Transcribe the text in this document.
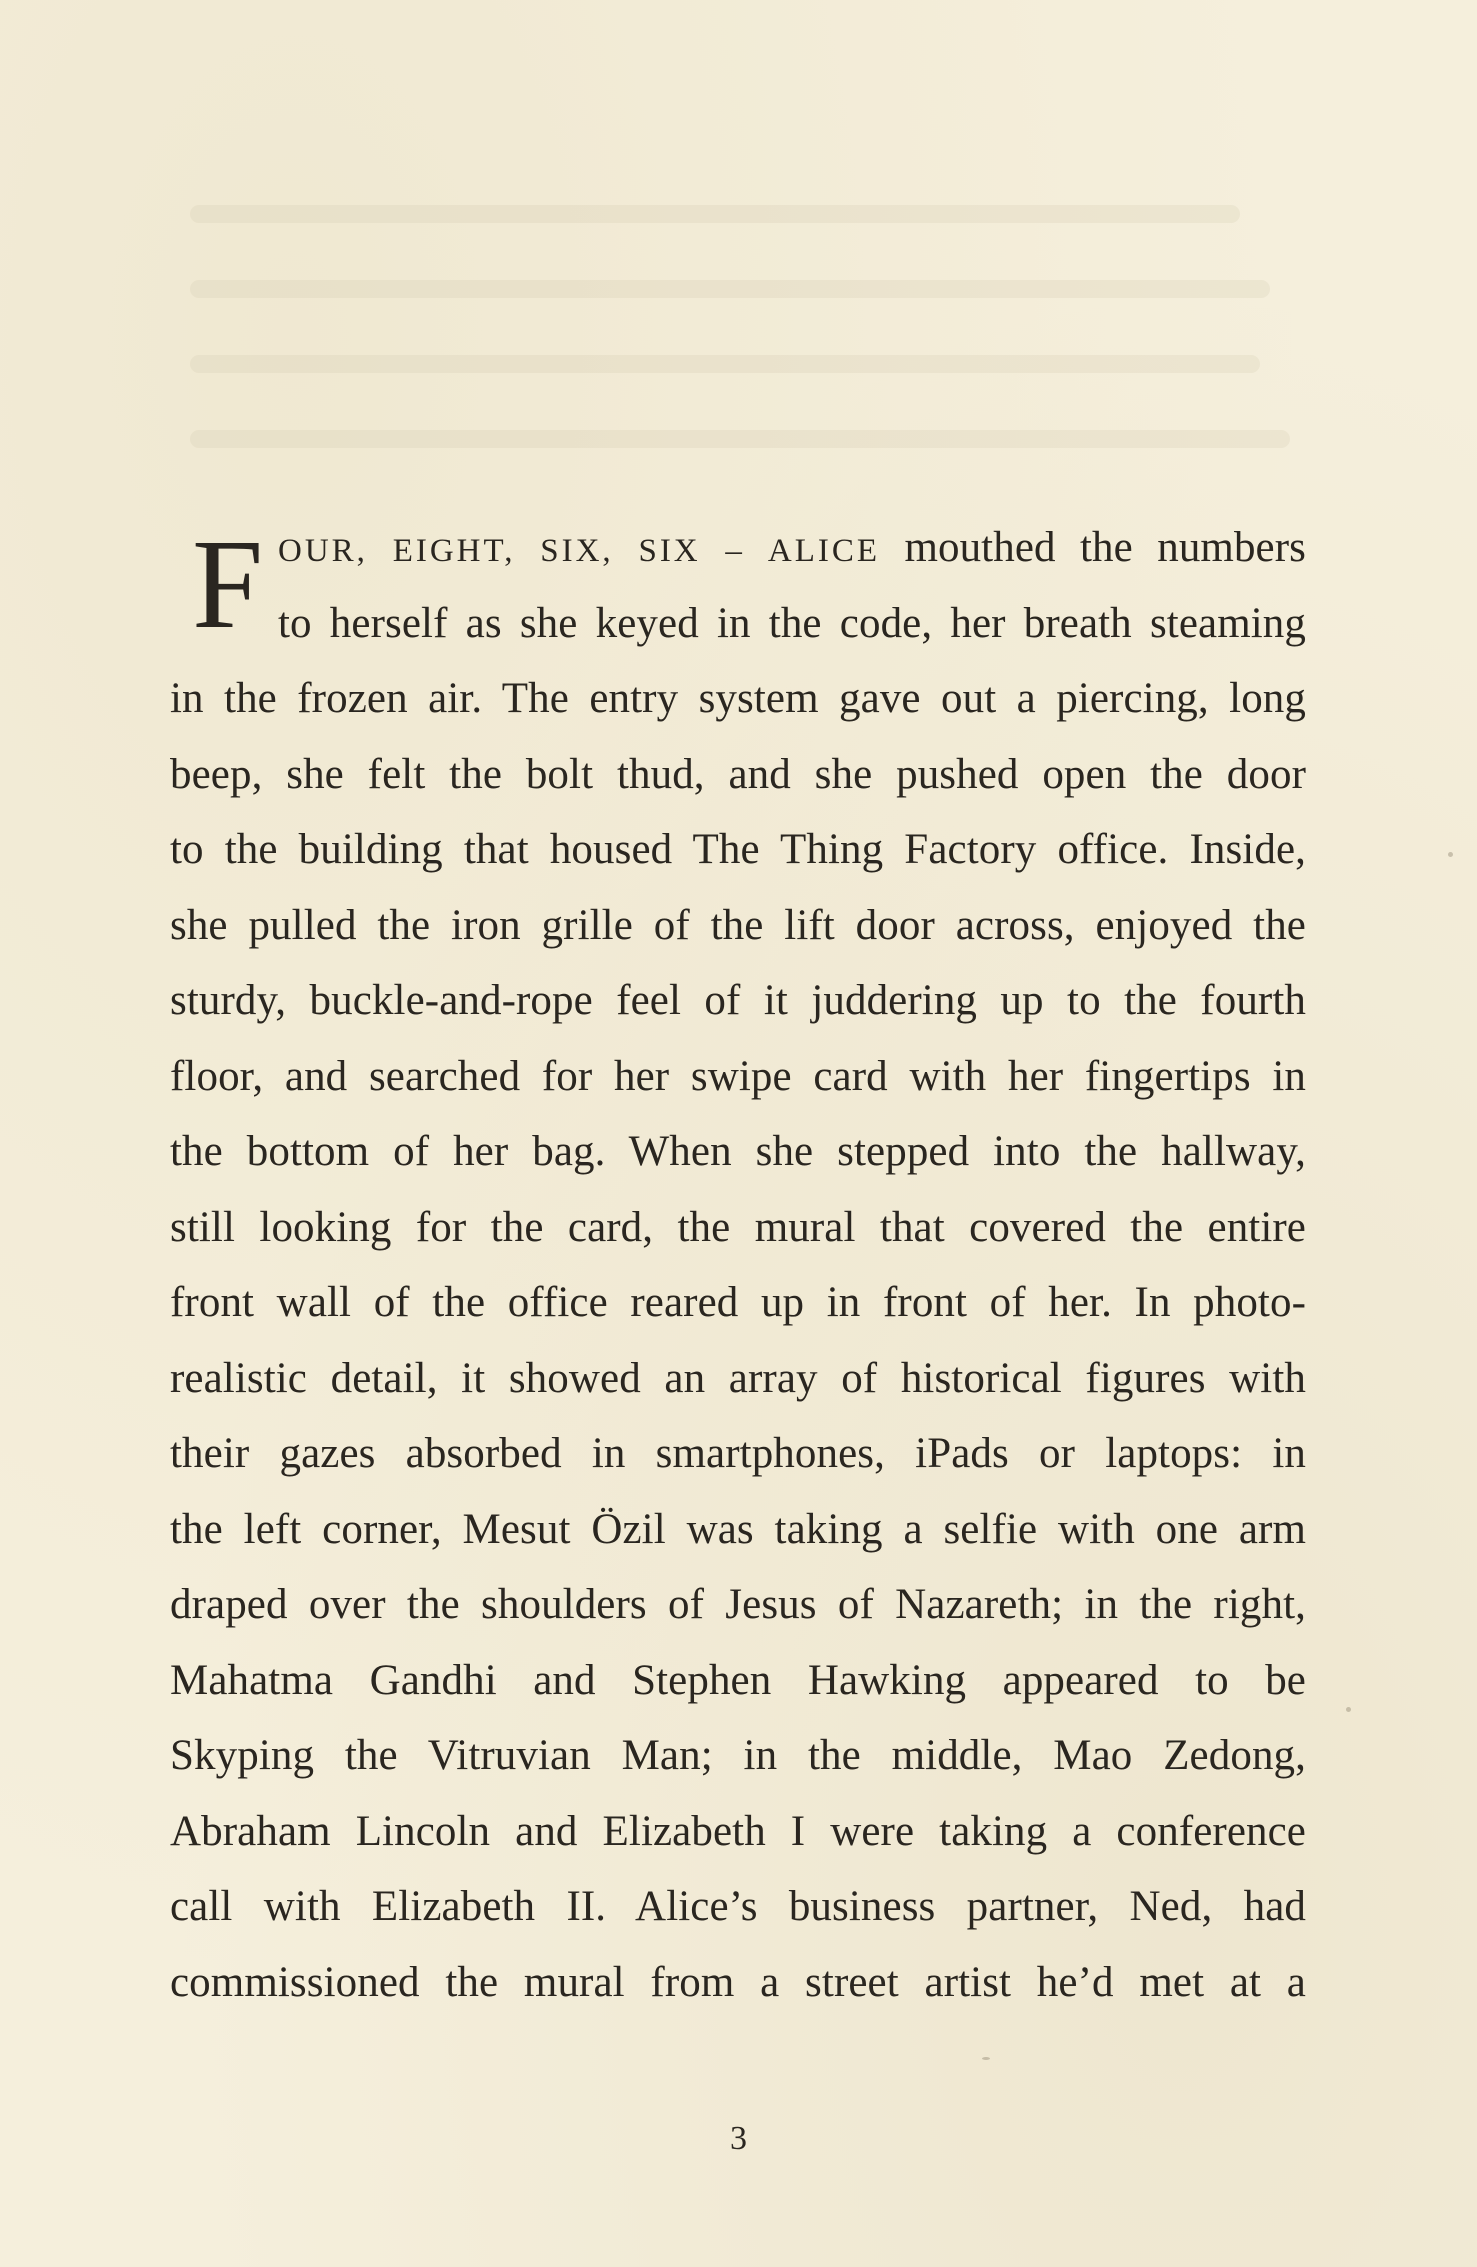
F OUR, EIGHT, SIX, SIX – ALICE mouthed the numbers
to herself as she keyed in the code, her breath steaming
in the frozen air. The entry system gave out a piercing, long
beep, she felt the bolt thud, and she pushed open the door
to the building that housed The Thing Factory office. Inside,
she pulled the iron grille of the lift door across, enjoyed the
sturdy, buckle-and-rope feel of it juddering up to the fourth
floor, and searched for her swipe card with her fingertips in
the bottom of her bag. When she stepped into the hallway,
still looking for the card, the mural that covered the entire
front wall of the office reared up in front of her. In photo-
realistic detail, it showed an array of historical figures with
their gazes absorbed in smartphones, iPads or laptops: in
the left corner, Mesut Özil was taking a selfie with one arm
draped over the shoulders of Jesus of Nazareth; in the right,
Mahatma Gandhi and Stephen Hawking appeared to be
Skyping the Vitruvian Man; in the middle, Mao Zedong,
Abraham Lincoln and Elizabeth I were taking a conference
call with Elizabeth II. Alice’s business partner, Ned, had
commissioned the mural from a street artist he’d met at a
3
